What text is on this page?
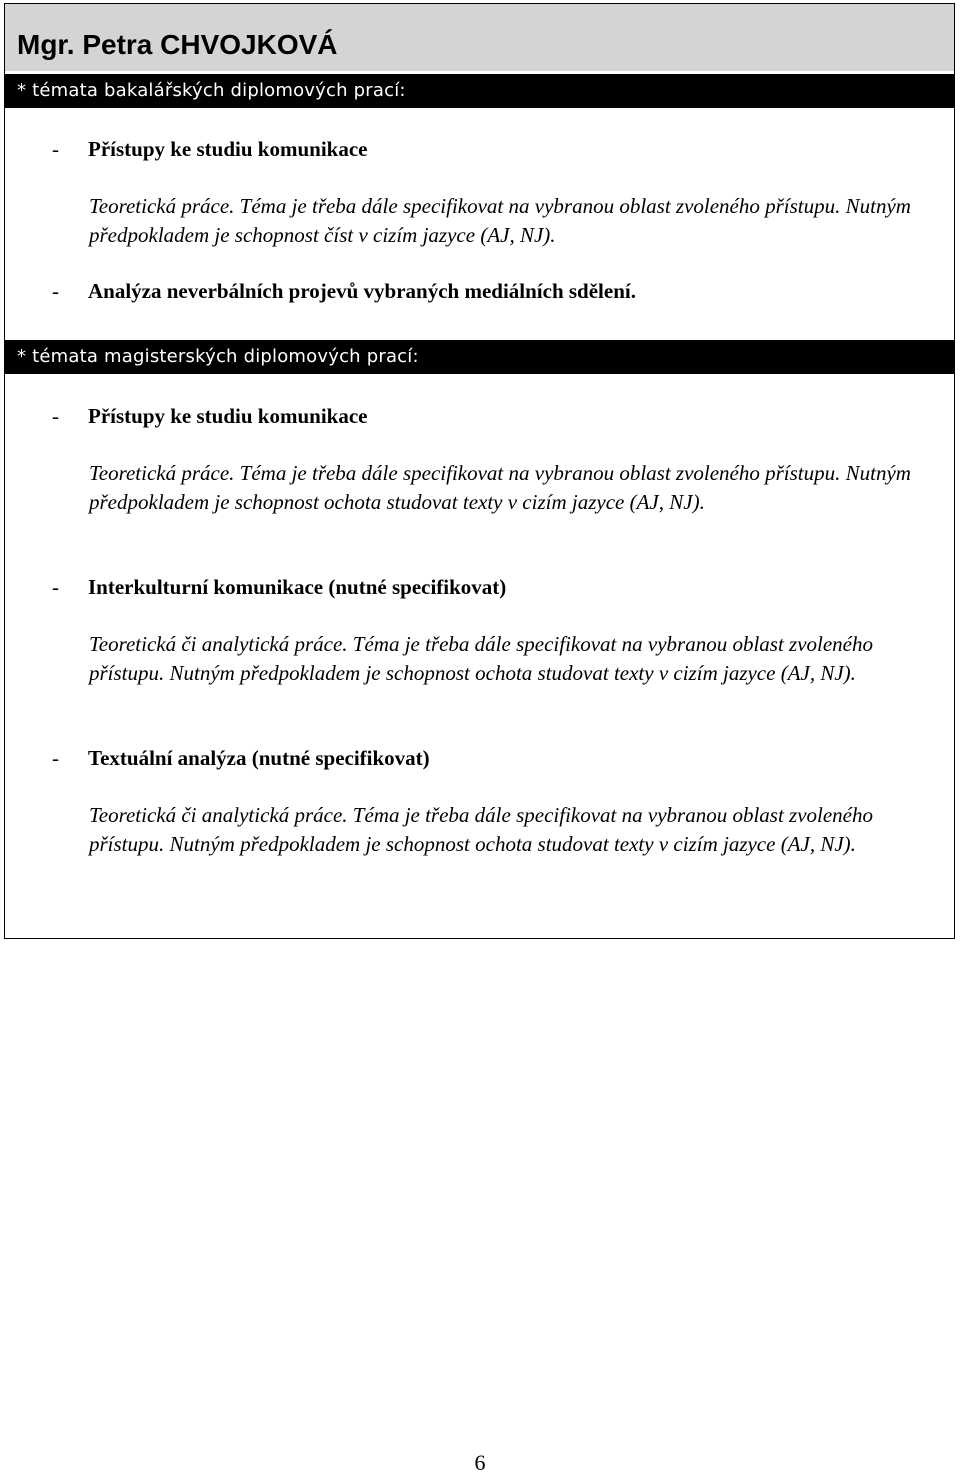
Mgr. Petra CHVOJKOVÁ
* témata bakalářských diplomových prací:
- Přístupy ke studiu komunikace
Teoretická práce. Téma je třeba dále specifikovat na vybranou oblast zvoleného přístupu. Nutným předpokladem je schopnost číst v cizím jazyce (AJ, NJ).
- Analýza neverbálních projevů vybraných mediálních sdělení.
* témata magisterských diplomových prací:
- Přístupy ke studiu komunikace
Teoretická práce. Téma je třeba dále specifikovat na vybranou oblast zvoleného přístupu. Nutným předpokladem je schopnost ochota studovat texty v cizím jazyce (AJ, NJ).
- Interkulturní komunikace (nutné specifikovat)
Teoretická či analytická práce. Téma je třeba dále specifikovat na vybranou oblast zvoleného přístupu. Nutným předpokladem je schopnost ochota studovat texty v cizím jazyce (AJ, NJ).
- Textuální analýza (nutné specifikovat)
Teoretická či analytická práce. Téma je třeba dále specifikovat na vybranou oblast zvoleného přístupu. Nutným předpokladem je schopnost ochota studovat texty v cizím jazyce (AJ, NJ).
6
